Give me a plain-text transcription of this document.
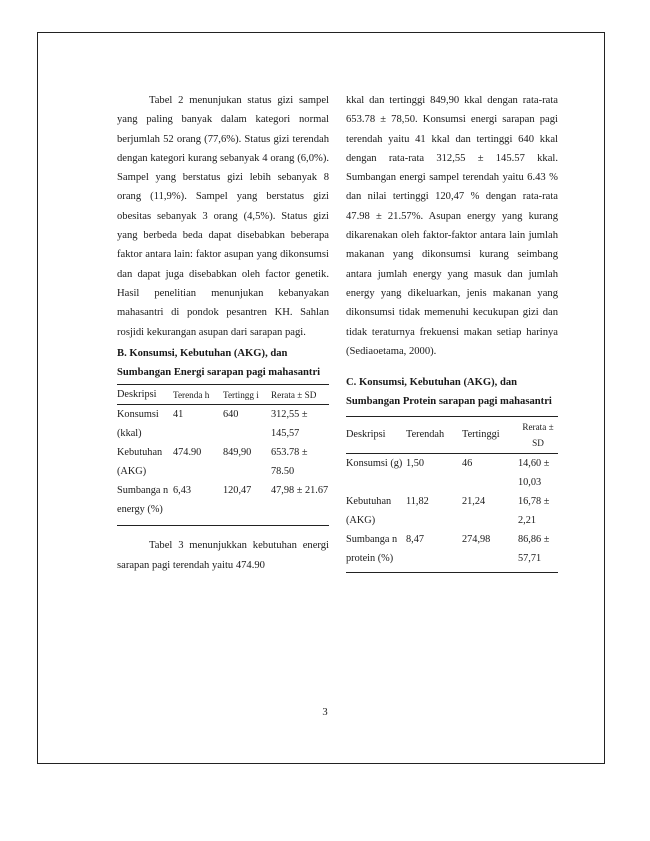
Tabel 2 menunjukan status gizi sampel yang paling banyak dalam kategori normal berjumlah 52 orang (77,6%). Status gizi terendah dengan kategori kurang sebanyak 4 orang (6,0%). Sampel yang berstatus gizi lebih sebanyak 8 orang (11,9%). Sampel yang berstatus gizi obesitas sebanyak 3 orang (4,5%). Status gizi yang berbeda beda dapat disebabkan beberapa faktor antara lain: faktor asupan yang dikonsumsi dan dapat juga disebabkan oleh factor genetik. Hasil penelitian menunjukan kebanyakan mahasantri di pondok pesantren KH. Sahlan rosjidi kekurangan asupan dari sarapan pagi.

B. Konsumsi, Kebutuhan (AKG), dan Sumbangan Energi sarapan pagi mahasantri
Deskripsi	Terenda h	Tertingg i	Rerata ± SD
Konsumsi (kkal)	41	640	312,55 ± 145,57
Kebutuhan (AKG)	474.90	849,90	653.78 ± 78.50
Sumbanga n energy (%)	6,43	120,47	47,98 ± 21.67

Tabel 3 menunjukkan kebutuhan energi sarapan pagi terendah yaitu 474.90

kkal dan tertinggi 849,90 kkal dengan rata-rata 653.78 ± 78,50. Konsumsi energi sarapan pagi terendah yaitu 41 kkal dan tertinggi 640 kkal dengan rata-rata 312,55 ± 145.57 kkal. Sumbangan energi sampel terendah yaitu 6.43 % dan nilai tertinggi 120,47 % dengan rata-rata 47.98 ± 21.57%. Asupan energy yang kurang dikarenakan oleh faktor-faktor antara lain jumlah makanan yang dikonsumsi kurang seimbang antara jumlah energy yang masuk dan jumlah energy yang dikeluarkan, jenis makanan yang dikonsumsi tidak memenuhi kecukupan gizi dan tidak teraturnya frekuensi makan setiap harinya (Sediaoetama, 2000).

C. Konsumsi, Kebutuhan (AKG), dan Sumbangan Protein sarapan pagi mahasantri
Deskripsi	Terendah	Tertinggi	Rerata ± SD
Konsumsi (g)	1,50	46	14,60 ± 10,03
Kebutuhan (AKG)	11,82	21,24	16,78 ± 2,21
Sumbanga n protein (%)	8,47	274,98	86,86 ± 57,71
3
